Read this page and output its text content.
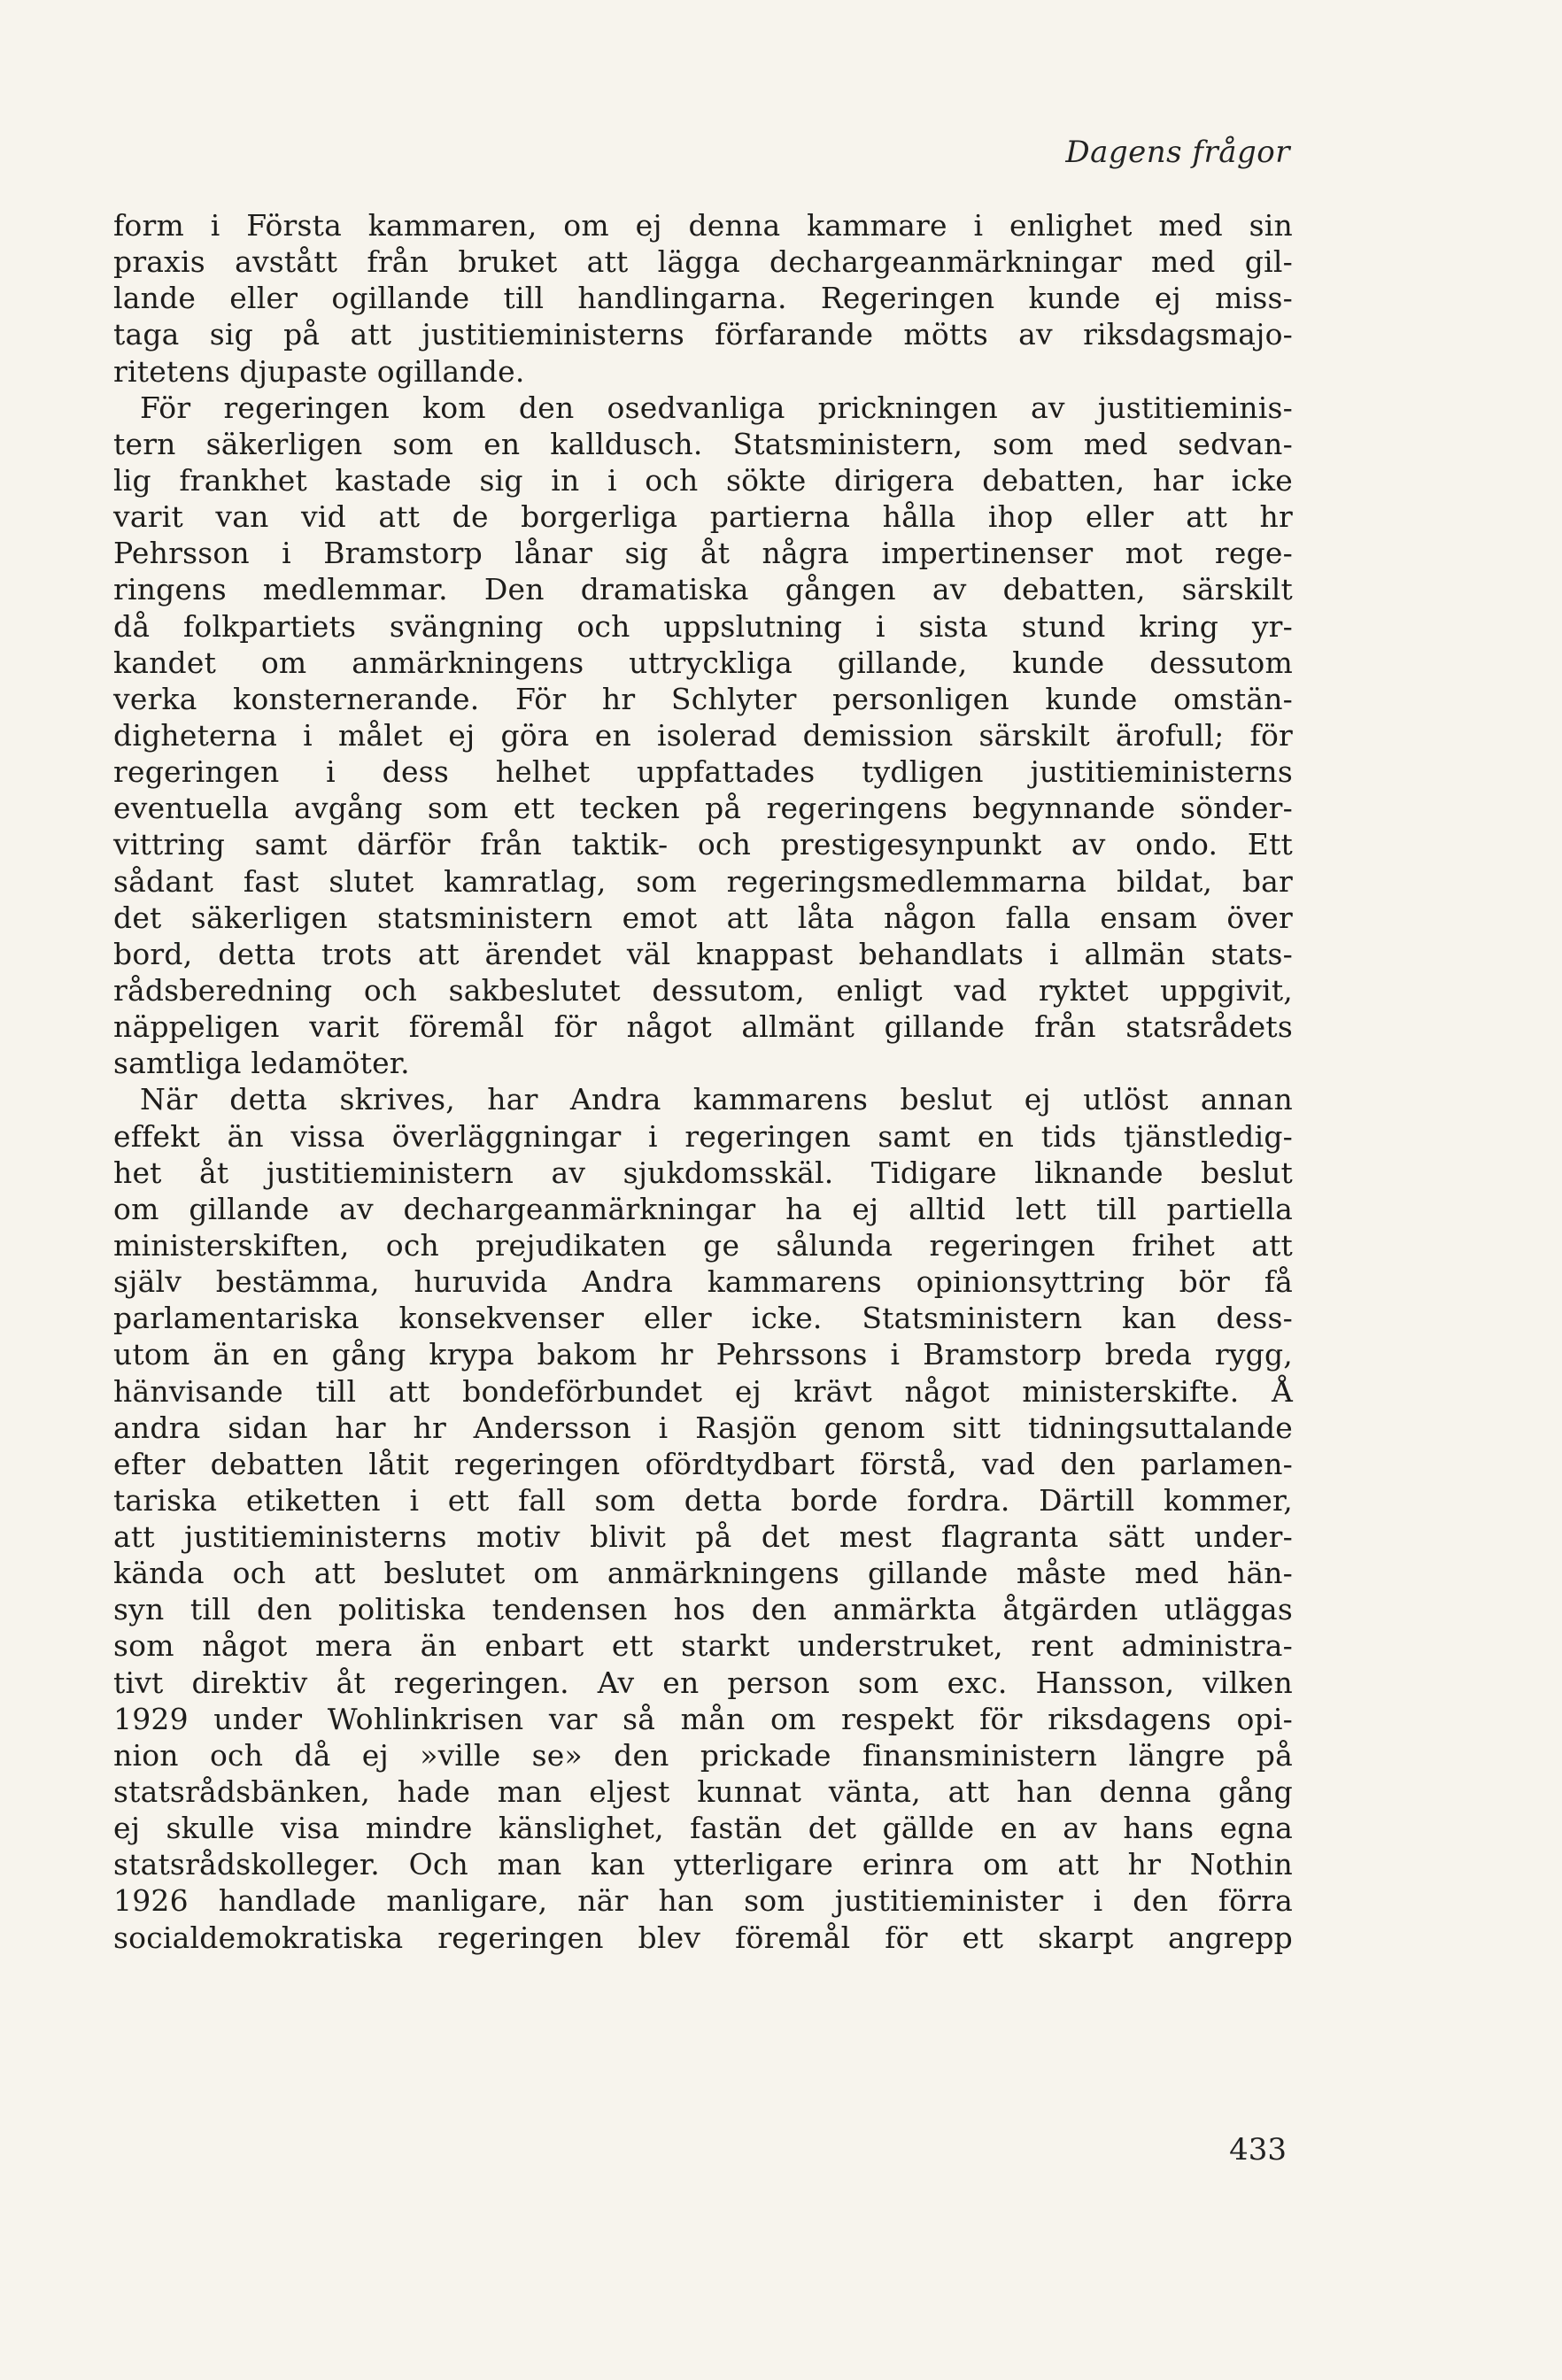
Dagens frågor
form i Första kammaren, om ej denna kammare i enlighet med sin
praxis avstått från bruket att lägga dechargeanmärkningar med gil-
lande eller ogillande till handlingarna. Regeringen kunde ej miss-
taga sig på att justitieministerns förfarande mötts av riksdagsmajo-
ritetens djupaste ogillande.
För regeringen kom den osedvanliga prickningen av justitieminis-
tern säkerligen som en kalldusch. Statsministern, som med sedvan-
lig frankhet kastade sig in i och sökte dirigera debatten, har icke
varit van vid att de borgerliga partierna hålla ihop eller att hr
Pehrsson i Bramstorp lånar sig åt några impertinenser mot rege-
ringens medlemmar. Den dramatiska gången av debatten, särskilt
då folkpartiets svängning och uppslutning i sista stund kring yr-
kandet om anmärkningens uttryckliga gillande, kunde dessutom
verka konsternerande. För hr Schlyter personligen kunde omstän-
digheterna i målet ej göra en isolerad demission särskilt ärofull; för
regeringen i dess helhet uppfattades tydligen justitieministerns
eventuella avgång som ett tecken på regeringens begynnande sönder-
vittring samt därför från taktik- och prestigesynpunkt av ondo. Ett
sådant fast slutet kamratlag, som regeringsmedlemmarna bildat, bar
det säkerligen statsministern emot att låta någon falla ensam över
bord, detta trots att ärendet väl knappast behandlats i allmän stats-
rådsberedning och sakbeslutet dessutom, enligt vad ryktet uppgivit,
näppeligen varit föremål för något allmänt gillande från statsrådets
samtliga ledamöter.
När detta skrives, har Andra kammarens beslut ej utlöst annan
effekt än vissa överläggningar i regeringen samt en tids tjänstledig-
het åt justitieministern av sjukdomsskäl. Tidigare liknande beslut
om gillande av dechargeanmärkningar ha ej alltid lett till partiella
ministerskiften, och prejudikaten ge sålunda regeringen frihet att
själv bestämma, huruvida Andra kammarens opinionsyttring bör få
parlamentariska konsekvenser eller icke. Statsministern kan dess-
utom än en gång krypa bakom hr Pehrssons i Bramstorp breda rygg,
hänvisande till att bondeförbundet ej krävt något ministerskifte. Å
andra sidan har hr Andersson i Rasjön genom sitt tidningsuttalande
efter debatten låtit regeringen ofördtydbart förstå, vad den parlamen-
tariska etiketten i ett fall som detta borde fordra. Därtill kommer,
att justitieministerns motiv blivit på det mest flagranta sätt under-
kända och att beslutet om anmärkningens gillande måste med hän-
syn till den politiska tendensen hos den anmärkta åtgärden utläggas
som något mera än enbart ett starkt understruket, rent administra-
tivt direktiv åt regeringen. Av en person som exc. Hansson, vilken
1929 under Wohlinkrisen var så mån om respekt för riksdagens opi-
nion och då ej »ville se» den prickade finansministern längre på
statsrådsbänken, hade man eljest kunnat vänta, att han denna gång
ej skulle visa mindre känslighet, fastän det gällde en av hans egna
statsrådskolleger. Och man kan ytterligare erinra om att hr Nothin
1926 handlade manligare, när han som justitieminister i den förra
socialdemokratiska regeringen blev föremål för ett skarpt angrepp
433
